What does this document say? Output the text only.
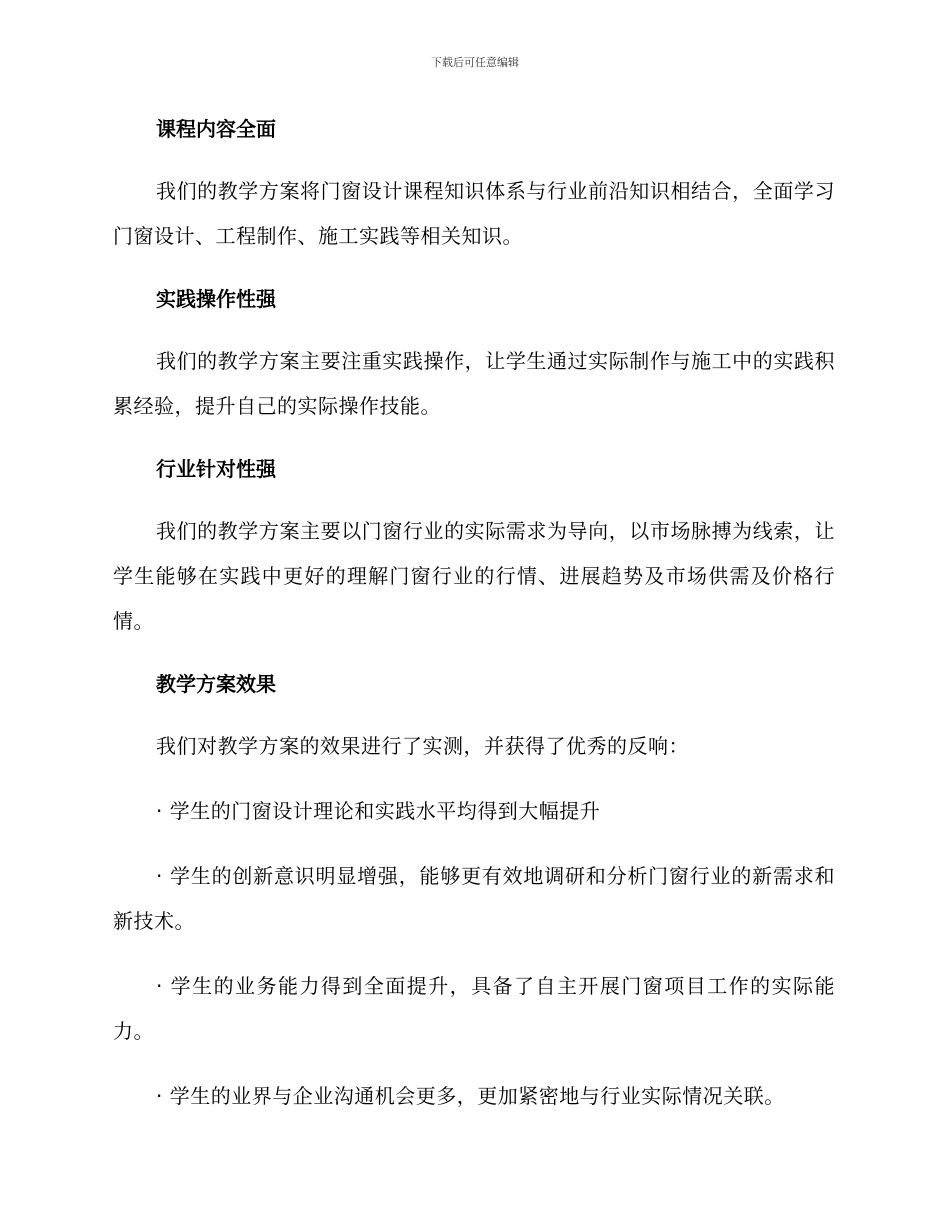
下载后可任意编辑
课程内容全面

我们的教学方案将门窗设计课程知识体系与行业前沿知识相结合，全面学习门窗设计、工程制作、施工实践等相关知识。

实践操作性强

我们的教学方案主要注重实践操作，让学生通过实际制作与施工中的实践积累经验，提升自己的实际操作技能。

行业针对性强

我们的教学方案主要以门窗行业的实际需求为导向，以市场脉搏为线索，让学生能够在实践中更好的理解门窗行业的行情、进展趋势及市场供需及价格行情。

教学方案效果

我们对教学方案的效果进行了实测，并获得了优秀的反响：

· 学生的门窗设计理论和实践水平均得到大幅提升

· 学生的创新意识明显增强，能够更有效地调研和分析门窗行业的新需求和新技术。

· 学生的业务能力得到全面提升，具备了自主开展门窗项目工作的实际能力。

· 学生的业界与企业沟通机会更多，更加紧密地与行业实际情况关联。
